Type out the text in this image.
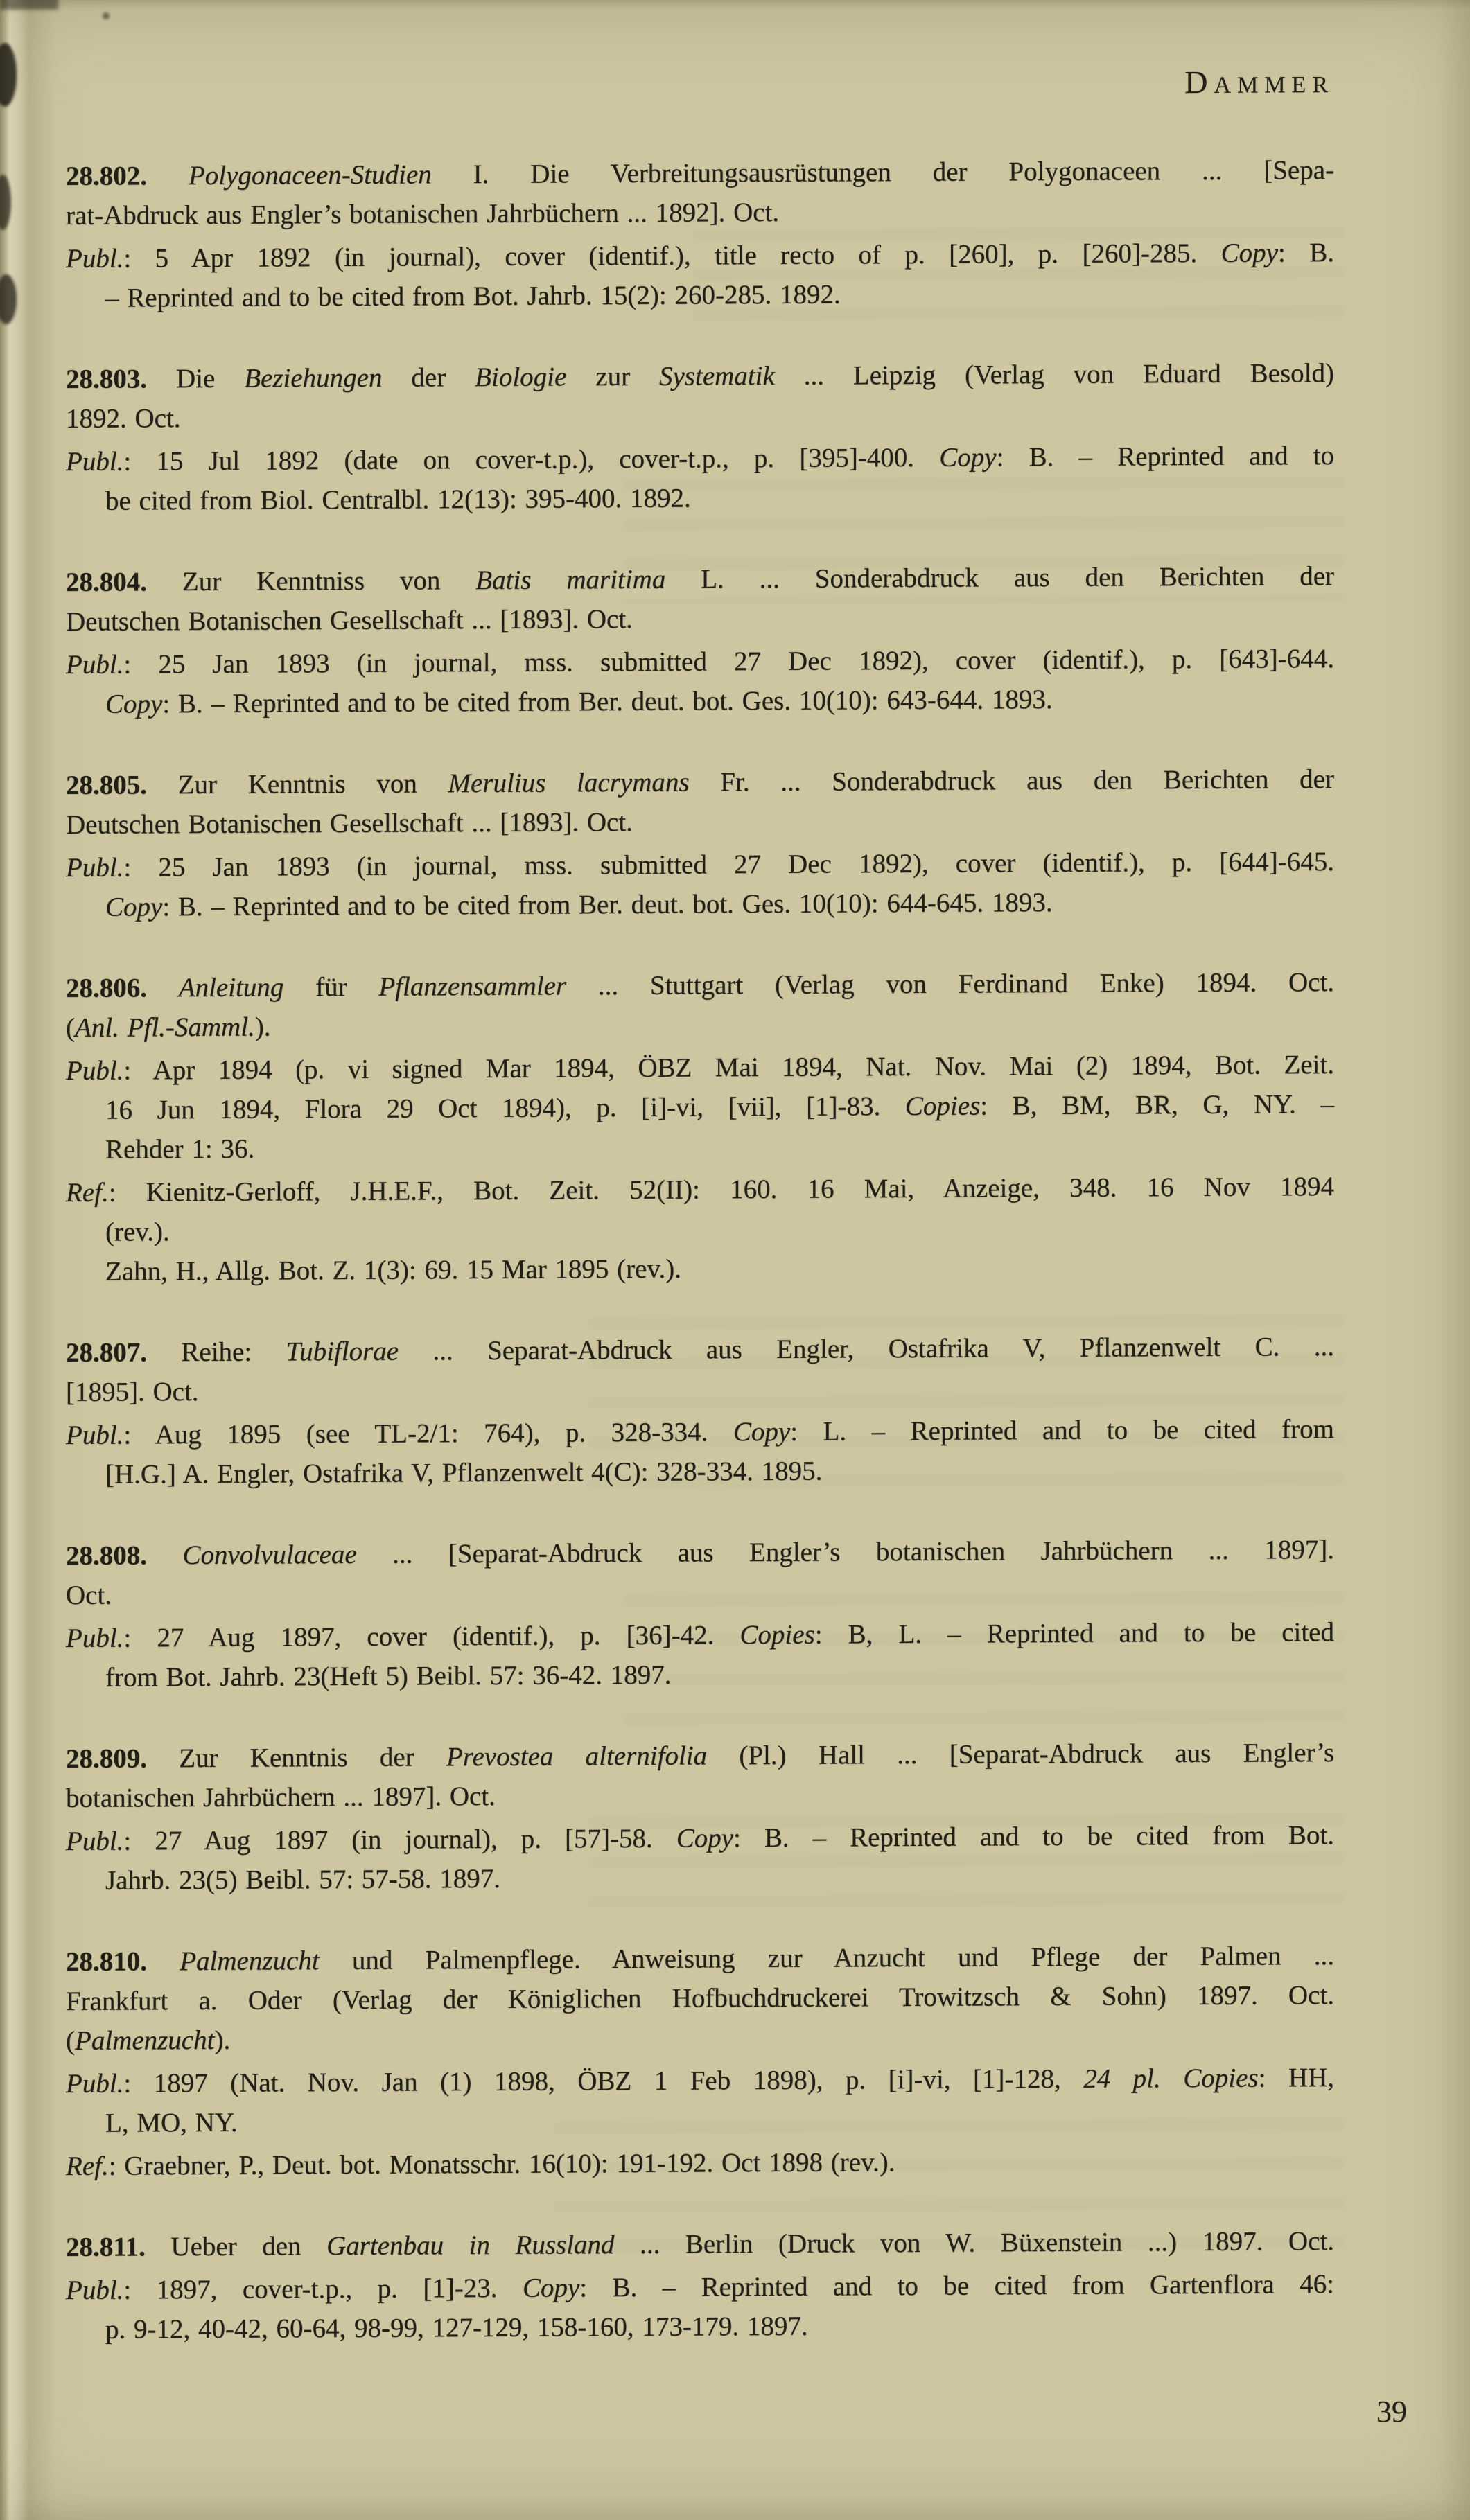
DAMMER
28.802. Polygonaceen-Studien I. Die Verbreitungsausrüstungen der Polygonaceen ... [Sepa-
rat-Abdruck aus Engler’s botanischen Jahrbüchern ... 1892]. Oct.
Publ.: 5 Apr 1892 (in journal), cover (identif.), title recto of p. [260], p. [260]-285. Copy: B.
– Reprinted and to be cited from Bot. Jahrb. 15(2): 260-285. 1892.
28.803. Die Beziehungen der Biologie zur Systematik ... Leipzig (Verlag von Eduard Besold)
1892. Oct.
Publ.: 15 Jul 1892 (date on cover-t.p.), cover-t.p., p. [395]-400. Copy: B. – Reprinted and to
be cited from Biol. Centralbl. 12(13): 395-400. 1892.
28.804. Zur Kenntniss von Batis maritima L. ... Sonderabdruck aus den Berichten der
Deutschen Botanischen Gesellschaft ... [1893]. Oct.
Publ.: 25 Jan 1893 (in journal, mss. submitted 27 Dec 1892), cover (identif.), p. [643]-644.
Copy: B. – Reprinted and to be cited from Ber. deut. bot. Ges. 10(10): 643-644. 1893.
28.805. Zur Kenntnis von Merulius lacrymans Fr. ... Sonderabdruck aus den Berichten der
Deutschen Botanischen Gesellschaft ... [1893]. Oct.
Publ.: 25 Jan 1893 (in journal, mss. submitted 27 Dec 1892), cover (identif.), p. [644]-645.
Copy: B. – Reprinted and to be cited from Ber. deut. bot. Ges. 10(10): 644-645. 1893.
28.806. Anleitung für Pflanzensammler ... Stuttgart (Verlag von Ferdinand Enke) 1894. Oct.
(Anl. Pfl.-Samml.).
Publ.: Apr 1894 (p. vi signed Mar 1894, ÖBZ Mai 1894, Nat. Nov. Mai (2) 1894, Bot. Zeit.
16 Jun 1894, Flora 29 Oct 1894), p. [i]-vi, [vii], [1]-83. Copies: B, BM, BR, G, NY. –
Rehder 1: 36.
Ref.: Kienitz-Gerloff, J.H.E.F., Bot. Zeit. 52(II): 160. 16 Mai, Anzeige, 348. 16 Nov 1894
(rev.).
Zahn, H., Allg. Bot. Z. 1(3): 69. 15 Mar 1895 (rev.).
28.807. Reihe: Tubiflorae ... Separat-Abdruck aus Engler, Ostafrika V, Pflanzenwelt C. ...
[1895]. Oct.
Publ.: Aug 1895 (see TL-2/1: 764), p. 328-334. Copy: L. – Reprinted and to be cited from
[H.G.] A. Engler, Ostafrika V, Pflanzenwelt 4(C): 328-334. 1895.
28.808. Convolvulaceae ... [Separat-Abdruck aus Engler’s botanischen Jahrbüchern ... 1897].
Oct.
Publ.: 27 Aug 1897, cover (identif.), p. [36]-42. Copies: B, L. – Reprinted and to be cited
from Bot. Jahrb. 23(Heft 5) Beibl. 57: 36-42. 1897.
28.809. Zur Kenntnis der Prevostea alternifolia (Pl.) Hall ... [Separat-Abdruck aus Engler’s
botanischen Jahrbüchern ... 1897]. Oct.
Publ.: 27 Aug 1897 (in journal), p. [57]-58. Copy: B. – Reprinted and to be cited from Bot.
Jahrb. 23(5) Beibl. 57: 57-58. 1897.
28.810. Palmenzucht und Palmenpflege. Anweisung zur Anzucht und Pflege der Palmen ...
Frankfurt a. Oder (Verlag der Königlichen Hofbuchdruckerei Trowitzsch & Sohn) 1897. Oct.
(Palmenzucht).
Publ.: 1897 (Nat. Nov. Jan (1) 1898, ÖBZ 1 Feb 1898), p. [i]-vi, [1]-128, 24 pl. Copies: HH,
L, MO, NY.
Ref.: Graebner, P., Deut. bot. Monatsschr. 16(10): 191-192. Oct 1898 (rev.).
28.811. Ueber den Gartenbau in Russland ... Berlin (Druck von W. Büxenstein ...) 1897. Oct.
Publ.: 1897, cover-t.p., p. [1]-23. Copy: B. – Reprinted and to be cited from Gartenflora 46:
p. 9-12, 40-42, 60-64, 98-99, 127-129, 158-160, 173-179. 1897.
39
